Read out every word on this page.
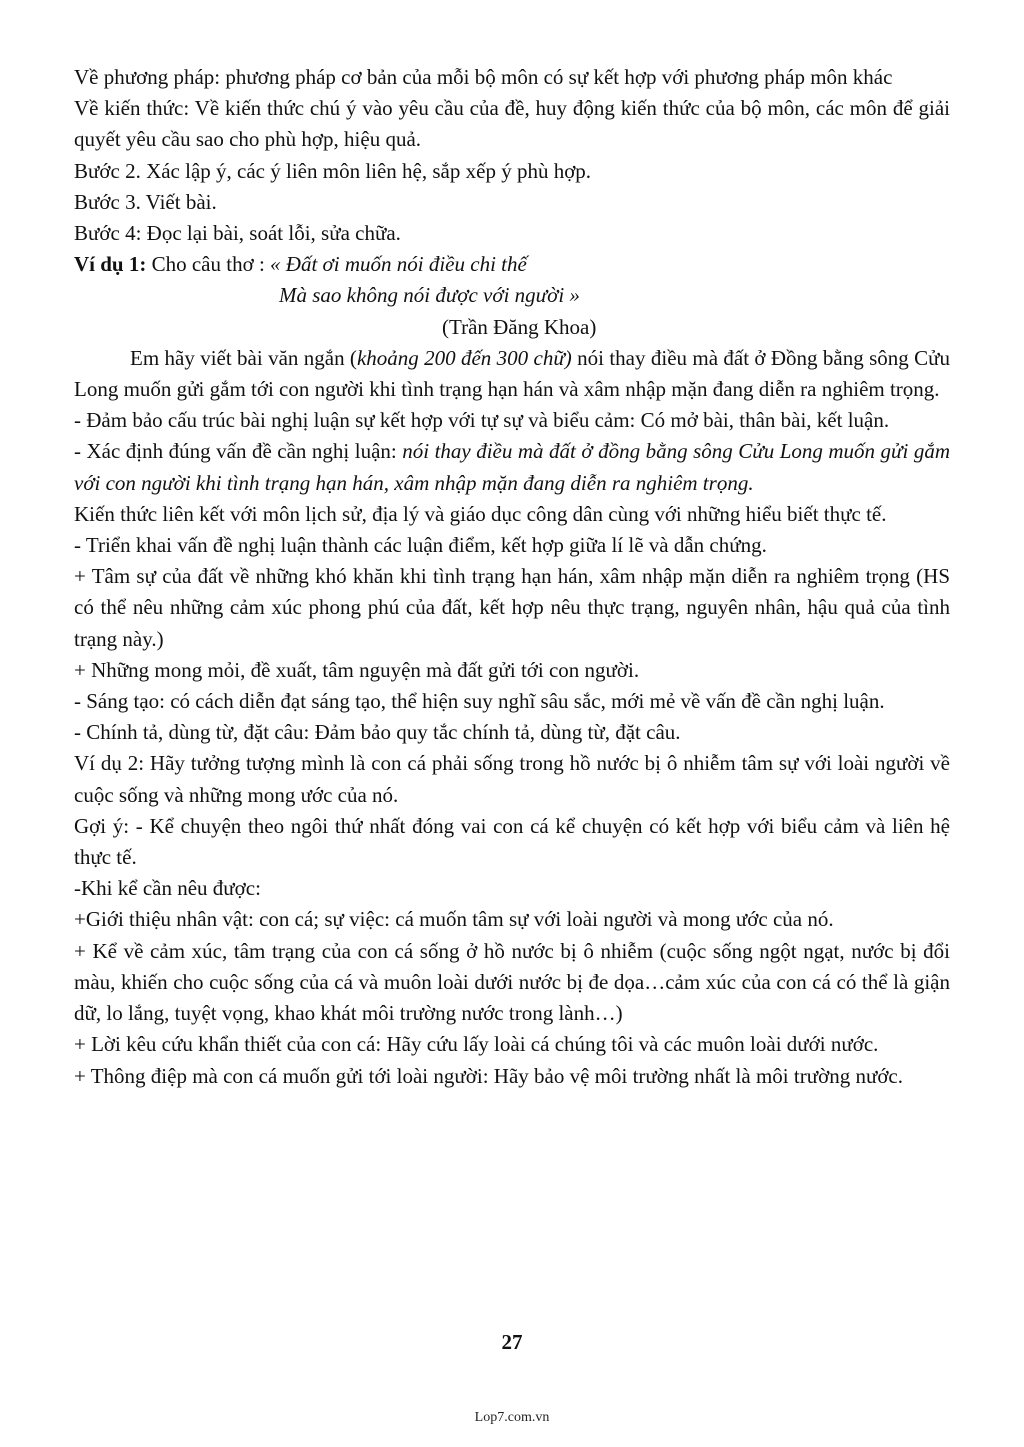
Về phương pháp: phương pháp cơ bản của mỗi bộ môn có sự kết hợp với phương pháp môn khác

Về kiến thức: Về kiến thức chú ý vào yêu cầu của đề, huy động kiến thức của bộ môn, các môn để giải quyết yêu cầu sao cho phù hợp, hiệu quả.

Bước 2. Xác lập ý, các ý liên môn liên hệ, sắp xếp ý phù hợp.

Bước 3. Viết bài.

Bước 4: Đọc lại bài, soát lỗi, sửa chữa.

Ví dụ 1: Cho câu thơ : « Đất ơi muốn nói điều chi thế

Mà sao không nói được với người »

(Trần Đăng Khoa)

Em hãy viết bài văn ngắn (khoảng 200 đến 300 chữ) nói thay điều mà đất ở Đồng bằng sông Cửu Long muốn gửi gắm tới con người khi tình trạng hạn hán và xâm nhập mặn đang diễn ra nghiêm trọng.

- Đảm bảo cấu trúc bài nghị luận sự kết hợp với tự sự và biểu cảm: Có mở bài, thân bài, kết luận.

- Xác định đúng vấn đề cần nghị luận: nói thay điều mà đất ở đồng bằng sông Cửu Long muốn gửi gắm với con người khi tình trạng hạn hán, xâm nhập mặn đang diễn ra nghiêm trọng.

Kiến thức liên kết với môn lịch sử, địa lý và giáo dục công dân cùng với những hiểu biết thực tế.

- Triển khai vấn đề nghị luận thành các luận điểm, kết hợp giữa lí lẽ và dẫn chứng.

+ Tâm sự của đất về những khó khăn khi tình trạng hạn hán, xâm nhập mặn diễn ra nghiêm trọng (HS có thể nêu những cảm xúc phong phú của đất, kết hợp nêu thực trạng, nguyên nhân, hậu quả của tình trạng này.)

+ Những mong mỏi, đề xuất, tâm nguyện mà đất gửi tới con người.

- Sáng tạo: có cách diễn đạt sáng tạo, thể hiện suy nghĩ sâu sắc, mới mẻ về vấn đề cần nghị luận.

- Chính tả, dùng từ, đặt câu: Đảm bảo quy tắc chính tả, dùng từ, đặt câu.

Ví dụ 2: Hãy tưởng tượng mình là con cá phải sống trong hồ nước bị ô nhiễm tâm sự với loài người về cuộc sống và những mong ước của nó.

Gợi ý: - Kể chuyện theo ngôi thứ nhất đóng vai con cá kể chuyện có kết hợp với biểu cảm và liên hệ thực tế.

-Khi kể cần nêu được:

+Giới thiệu nhân vật: con cá; sự việc: cá muốn tâm sự với loài người và mong ước của nó.

+ Kể về cảm xúc, tâm trạng của con cá sống ở hồ nước bị ô nhiễm (cuộc sống ngột ngạt, nước bị đổi màu, khiến cho cuộc sống của cá và muôn loài dưới nước bị đe dọa…cảm xúc của con cá có thể là giận dữ, lo lắng, tuyệt vọng, khao khát môi trường nước trong lành…)

+ Lời kêu cứu khẩn thiết của con cá: Hãy cứu lấy loài cá chúng tôi và các muôn loài dưới nước.

+ Thông điệp mà con cá muốn gửi tới loài người: Hãy bảo vệ môi trường nhất là môi trường nước.

27
Lop7.com.vn
